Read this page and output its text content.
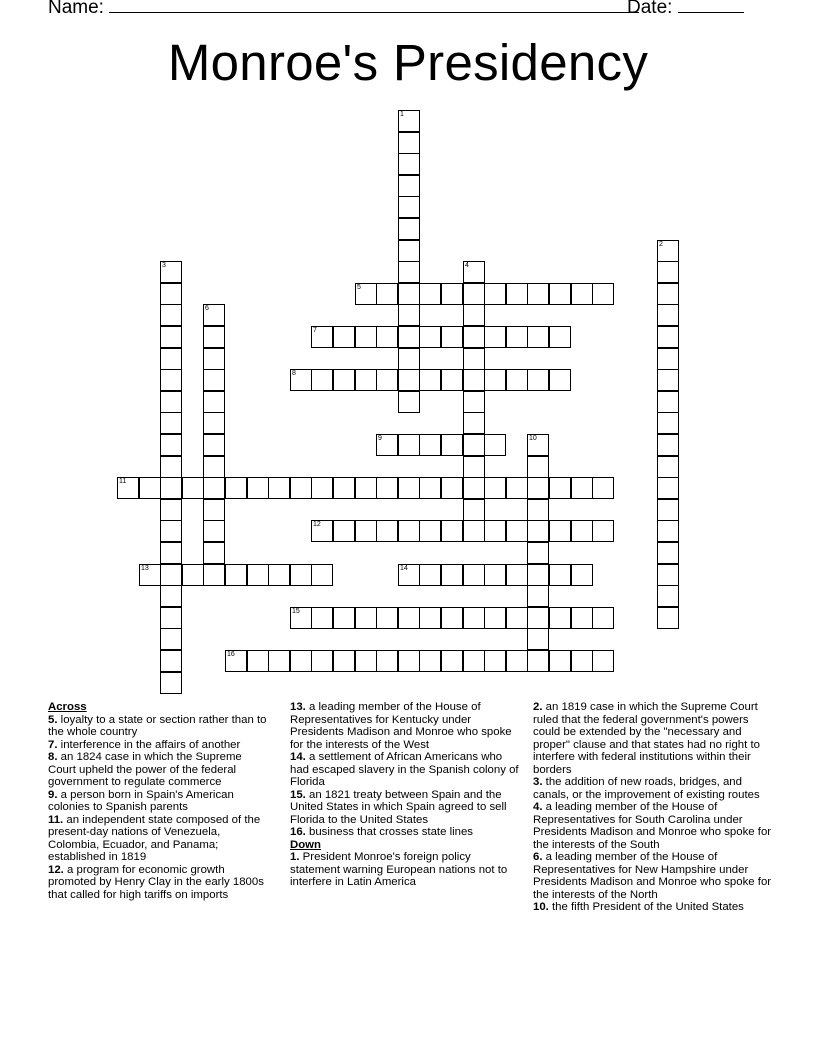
Name:	Date:
Monroe's Presidency
1
2
3	4
5
6
7
8
9	10
11
12
13	14
15
16

Across

5. loyalty to a state or section rather than to the whole country

7. interference in the affairs of another

8. an 1824 case in which the Supreme Court upheld the power of the federal government to regulate commerce

9. a person born in Spain's American colonies to Spanish parents

11. an independent state composed of the present-day nations of Venezuela, Colombia, Ecuador, and Panama; established in 1819

12. a program for economic growth promoted by Henry Clay in the early 1800s that called for high tariffs on imports

13. a leading member of the House of Representatives for Kentucky under Presidents Madison and Monroe who spoke for the interests of the West

14. a settlement of African Americans who had escaped slavery in the Spanish colony of Florida

15. an 1821 treaty between Spain and the United States in which Spain agreed to sell Florida to the United States

16. business that crosses state lines

Down

1. President Monroe's foreign policy statement warning European nations not to interfere in Latin America

2. an 1819 case in which the Supreme Court ruled that the federal government's powers could be extended by the "necessary and proper" clause and that states had no right to interfere with federal institutions within their borders

3. the addition of new roads, bridges, and canals, or the improvement of existing routes

4. a leading member of the House of Representatives for South Carolina under Presidents Madison and Monroe who spoke for the interests of the South

6. a leading member of the House of Representatives for New Hampshire under Presidents Madison and Monroe who spoke for the interests of the North

10. the fifth President of the United States
